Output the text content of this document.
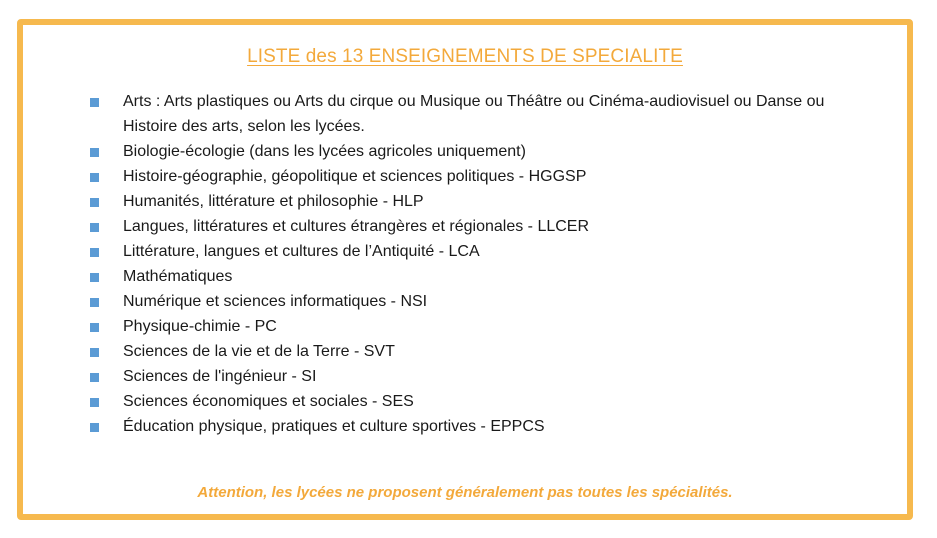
LISTE des 13 ENSEIGNEMENTS DE SPECIALITE
Arts : Arts plastiques ou Arts du cirque ou Musique ou Théâtre ou Cinéma-audiovisuel ou Danse ou Histoire des arts, selon les lycées.
Biologie-écologie (dans les lycées agricoles uniquement)
Histoire-géographie, géopolitique et sciences politiques - HGGSP
Humanités, littérature et philosophie - HLP
Langues, littératures et cultures étrangères et régionales - LLCER
Littérature, langues et cultures de l’Antiquité - LCA
Mathématiques
Numérique et sciences informatiques - NSI
Physique-chimie - PC
Sciences de la vie et de la Terre - SVT
Sciences de l'ingénieur - SI
Sciences économiques et sociales - SES
Éducation physique, pratiques et culture sportives - EPPCS
Attention, les lycées ne proposent généralement pas toutes les spécialités.
